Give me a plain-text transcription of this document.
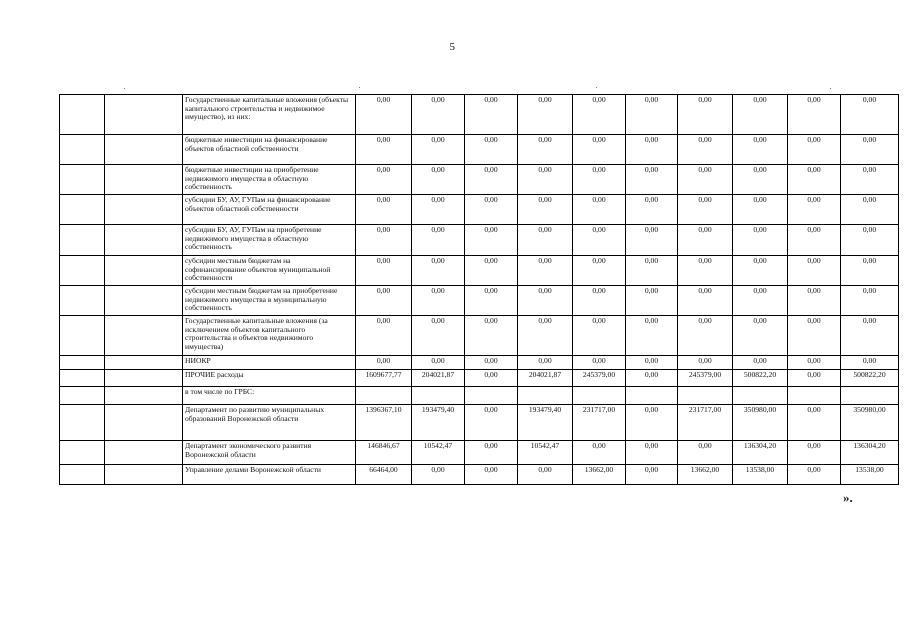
5
		Государственные капитальные вложения (объекты капитального строительства и недвижимое имущество), из них:	0,00	0,00	0,00	0,00	0,00	0,00	0,00	0,00	0,00	0,00
		бюджетные инвестиции на финансирование объектов областной собственности	0,00	0,00	0,00	0,00	0,00	0,00	0,00	0,00	0,00	0,00
		бюджетные инвестиции на приобретение недвижимого имущества в областную собственность	0,00	0,00	0,00	0,00	0,00	0,00	0,00	0,00	0,00	0,00
		субсидии БУ, АУ, ГУПам на финансирование объектов областной собственности	0,00	0,00	0,00	0,00	0,00	0,00	0,00	0,00	0,00	0,00
		субсидии БУ, АУ, ГУПам на приобретение недвижимого имущества в областную собственность	0,00	0,00	0,00	0,00	0,00	0,00	0,00	0,00	0,00	0,00
		субсидии местным бюджетам на софинансирование объектов муниципальной собственности	0,00	0,00	0,00	0,00	0,00	0,00	0,00	0,00	0,00	0,00
		субсидии местным бюджетам на приобретение недвижимого имущества в муниципальную собственность	0,00	0,00	0,00	0,00	0,00	0,00	0,00	0,00	0,00	0,00
		Государственные капитальные вложения (за исключением объектов капитального строительства и объектов недвижимого имущества)	0,00	0,00	0,00	0,00	0,00	0,00	0,00	0,00	0,00	0,00
		НИОКР	0,00	0,00	0,00	0,00	0,00	0,00	0,00	0,00	0,00	0,00
		ПРОЧИЕ расходы	1609677,77	204021,87	0,00	204021,87	245379,00	0,00	245379,00	500822,20	0,00	500822,20
		в том числе по ГРБС:										
		Департамент по развитию муниципальных образований Воронежской области	1396367,10	193479,40	0,00	193479,40	231717,00	0,00	231717,00	350980,00	0,00	350980,00
		Департамент экономического развития Воронежской области	146846,67	10542,47	0,00	10542,47	0,00	0,00	0,00	136304,20	0,00	136304,20
		Управление делами Воронежской области	66464,00	0,00	0,00	0,00	13662,00	0,00	13662,00	13538,00	0,00	13538,00
».
